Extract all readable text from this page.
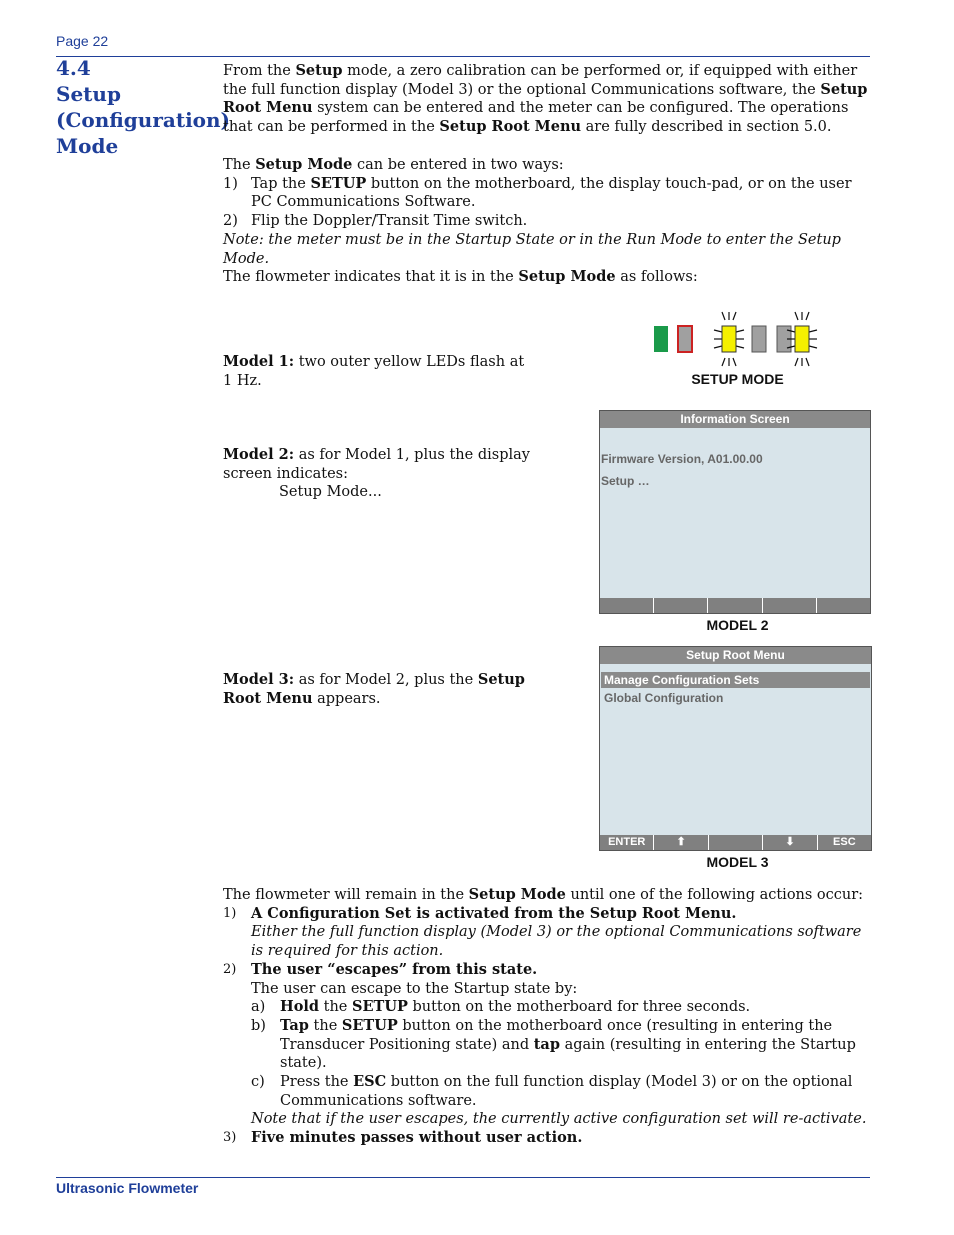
Page 22
4.4
Setup
(Configuration)
Mode

From the Setup mode, a zero calibration can be performed or, if equipped with either the full function display (Model 3) or the optional Communications software, the Setup Root Menu system can be entered and the meter can be configured. The operations that can be performed in the Setup Root Menu are fully described in section 5.0.

The Setup Mode can be entered in two ways:

1) Tap the SETUP button on the motherboard, the display touch-pad, or on the user PC Communications Software.

2) Flip the Doppler/Transit Time switch.

Note: the meter must be in the Startup State or in the Run Mode to enter the Setup Mode.

The flowmeter indicates that it is in the Setup Mode as follows:

Model 1: two outer yellow LEDs flash at 1 Hz.	SETUP MODE

Model 2: as for Model 1, plus the display screen indicates:

Setup Mode...

Information Screen
Firmware Version, A01.00.00
Setup …
MODEL 2

Model 3: as for Model 2, plus the Setup Root Menu appears.

Setup Root Menu
Manage Configuration Sets
Global Configuration
ENTER	⬆	⬇	ESC
MODEL 3

The flowmeter will remain in the Setup Mode until one of the following actions occur:

1)	A Configuration Set is activated from the Setup Root Menu.

Either the full function display (Model 3) or the optional Communications software is required for this action.

2)	The user “escapes” from this state.

The user can escape to the Startup state by:

a)	Hold the SETUP button on the motherboard for three seconds.

b) Tap the SETUP button on the motherboard once (resulting in entering the Transducer Positioning state) and tap again (resulting in entering the Startup state).

c)	Press the ESC button on the full function display (Model 3) or on the optional Communications software.

Note that if the user escapes, the currently active configuration set will re-activate.

3)	Five minutes passes without user action.

Ultrasonic Flowmeter
